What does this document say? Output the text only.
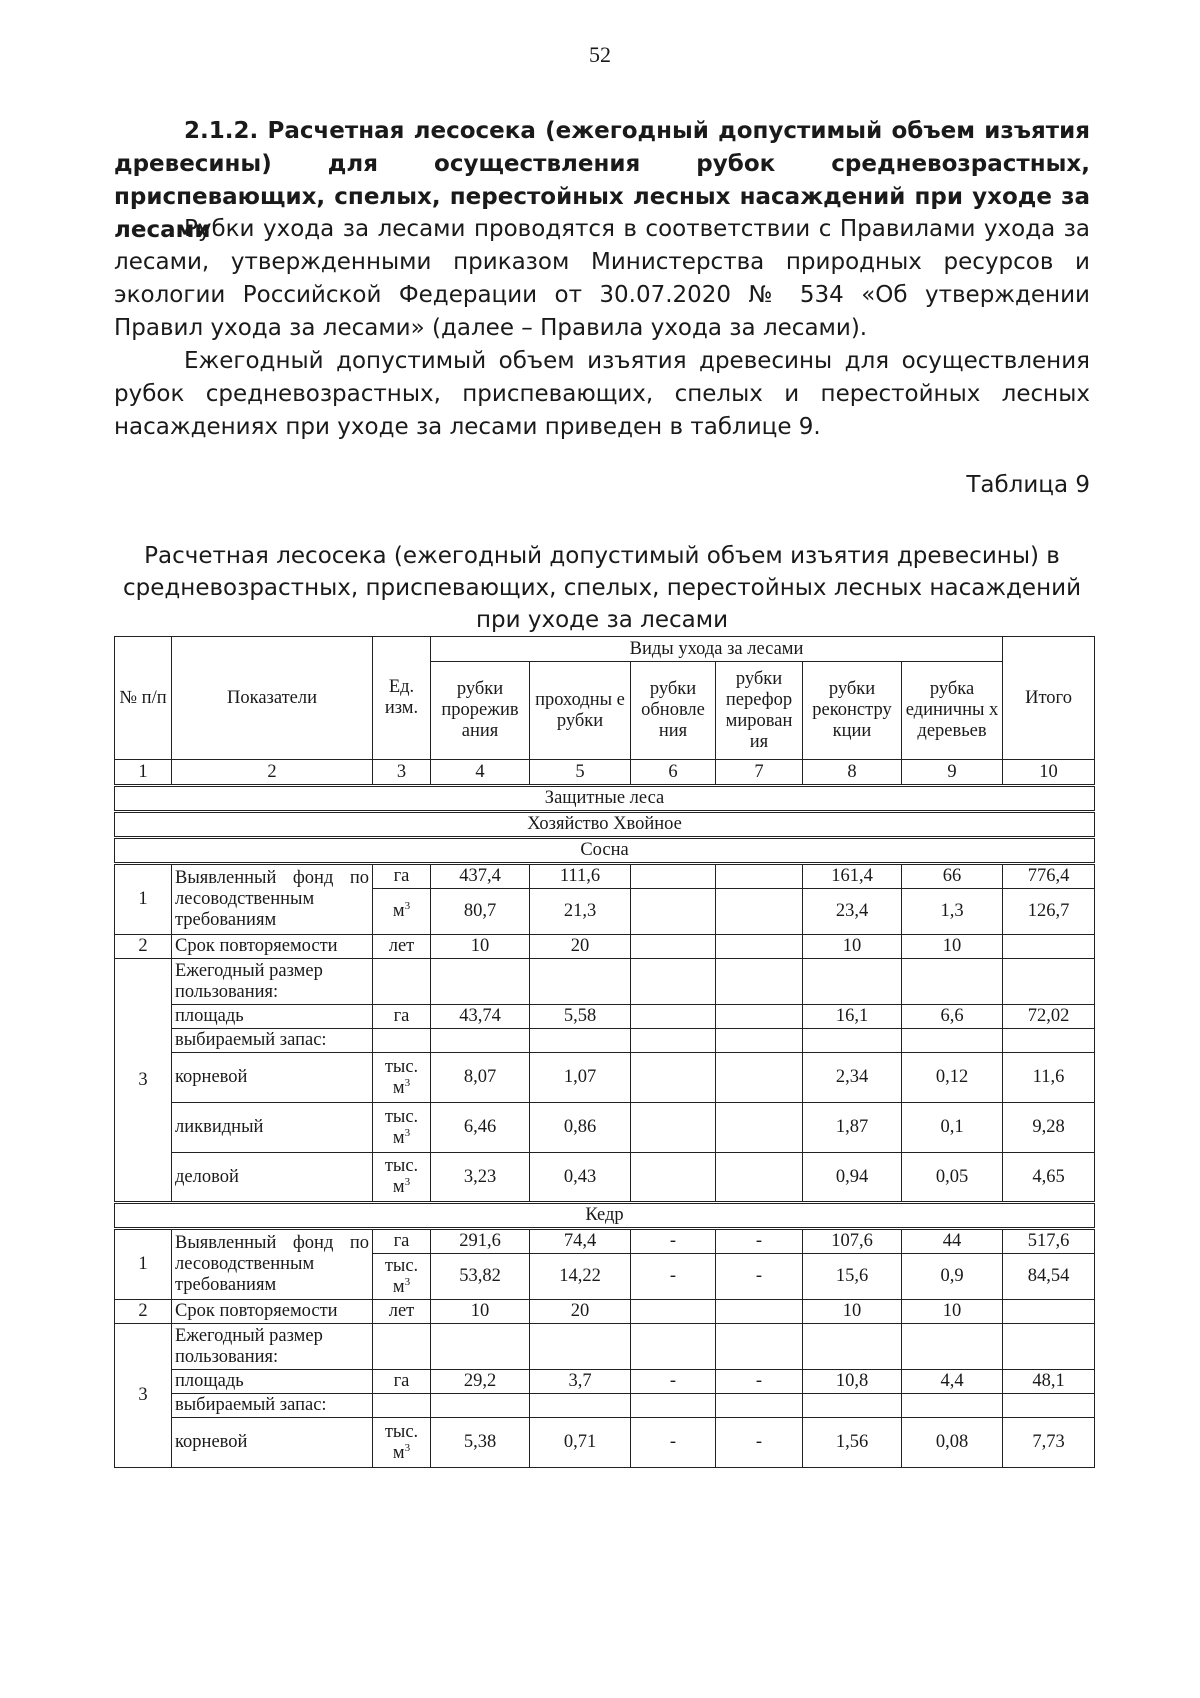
52

2.1.2. Расчетная лесосека (ежегодный допустимый объем изъятия древесины) для осуществления рубок средневозрастных, приспевающих, спелых, перестойных лесных насаждений при уходе за лесами

Рубки ухода за лесами проводятся в соответствии с Правилами ухода за лесами, утвержденными приказом Министерства природных ресурсов и экологии Российской Федерации от 30.07.2020 № 534 «Об утверждении Правил ухода за лесами» (далее – Правила ухода за лесами).

Ежегодный допустимый объем изъятия древесины для осуществления рубок средневозрастных, приспевающих, спелых и перестойных лесных насаждениях при уходе за лесами приведен в таблице 9.

Таблица 9

Расчетная лесосека (ежегодный допустимый объем изъятия древесины) в средневозрастных, приспевающих, спелых, перестойных лесных насаждений при уходе за лесами

№ п/п	Показатели	Ед. изм.	Виды ухода за лесами						Итого
			рубки прорежив ания	проходны е рубки	рубки обновле ния	рубки перефор мирован ия	рубки реконстру кции	рубка единичны х деревьев	
1	2	3	4	5	6	7	8	9	10
Защитные леса									
Хозяйство Хвойное									
Сосна									
1	Выявленный фонд по лесоводственным требованиям	га	437,4	111,6			161,4	66	776,4
		$м^3$	80,7	21,3			23,4	1,3	126,7
2	Срок повторяемости	лет	10	20			10	10	
3	Ежегодный размер пользования:								
	площадь	га	43,74	5,58			16,1	6,6	72,02
	выбираемый запас:								
	корневой	тыс. $м^3$	8,07	1,07			2,34	0,12	11,6
	ликвидный	тыс. $м^3$	6,46	0,86			1,87	0,1	9,28
	деловой	тыс. $м^3$	3,23	0,43			0,94	0,05	4,65
Кедр									
1	Выявленный фонд по лесоводственным требованиям	га	291,6	74,4	-	-	107,6	44	517,6
		тыс. $м^3$	53,82	14,22	-	-	15,6	0,9	84,54
2	Срок повторяемости	лет	10	20			10	10	
3	Ежегодный размер пользования:								
	площадь	га	29,2	3,7	-	-	10,8	4,4	48,1
	выбираемый запас:								
	корневой	тыс. $м^3$	5,38	0,71	-	-	1,56	0,08	7,73
